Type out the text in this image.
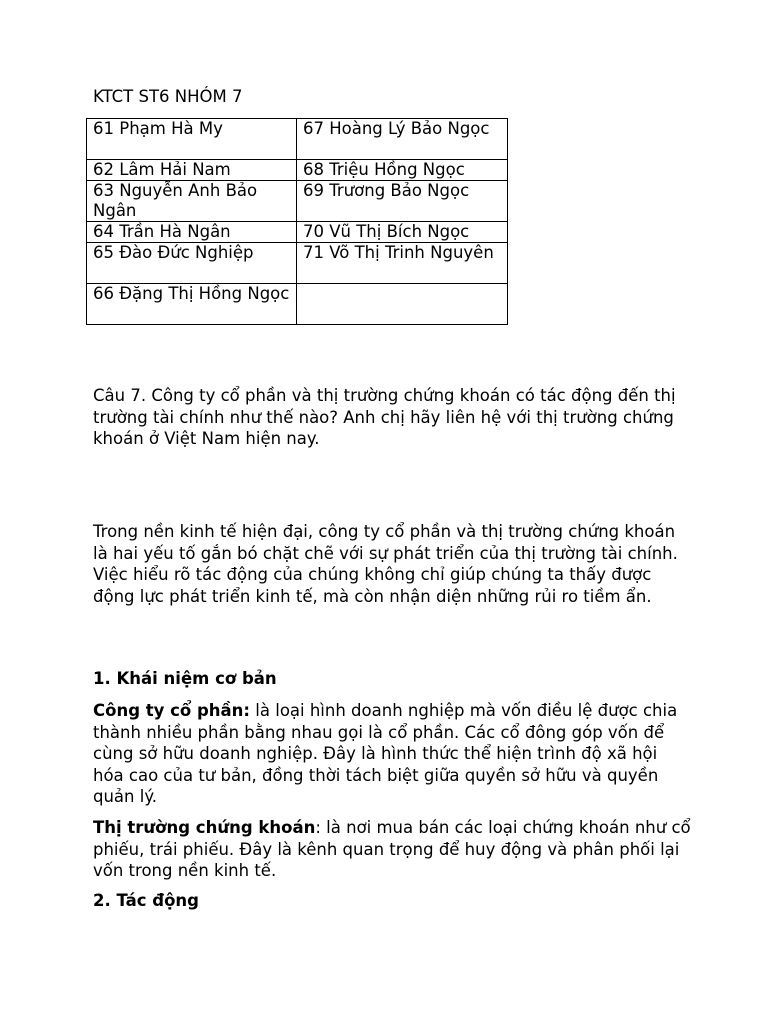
KTCT ST6 NHÓM 7
61 Phạm Hà My	67 Hoàng Lý Bảo Ngọc
62 Lâm Hải Nam	68 Triệu Hồng Ngọc
63 Nguyễn Anh Bảo Ngân	69 Trương Bảo Ngọc
64 Trần Hà Ngân	70 Vũ Thị Bích Ngọc
65 Đào Đức Nghiệp	71 Võ Thị Trinh Nguyên
66 Đặng Thị Hồng Ngọc	
Câu 7. Công ty cổ phần và thị trường chứng khoán có tác động đến thị trường tài chính như thế nào? Anh chị hãy liên hệ với thị trường chứng khoán ở Việt Nam hiện nay.
Trong nền kinh tế hiện đại, công ty cổ phần và thị trường chứng khoán là hai yếu tố gắn bó chặt chẽ với sự phát triển của thị trường tài chính. Việc hiểu rõ tác động của chúng không chỉ giúp chúng ta thấy được động lực phát triển kinh tế, mà còn nhận diện những rủi ro tiềm ẩn.
1. Khái niệm cơ bản
Công ty cổ phần: là loại hình doanh nghiệp mà vốn điều lệ được chia thành nhiều phần bằng nhau gọi là cổ phần. Các cổ đông góp vốn để cùng sở hữu doanh nghiệp. Đây là hình thức thể hiện trình độ xã hội hóa cao của tư bản, đồng thời tách biệt giữa quyền sở hữu và quyền quản lý.
Thị trường chứng khoán: là nơi mua bán các loại chứng khoán như cổ phiếu, trái phiếu. Đây là kênh quan trọng để huy động và phân phối lại vốn trong nền kinh tế.
2. Tác động
